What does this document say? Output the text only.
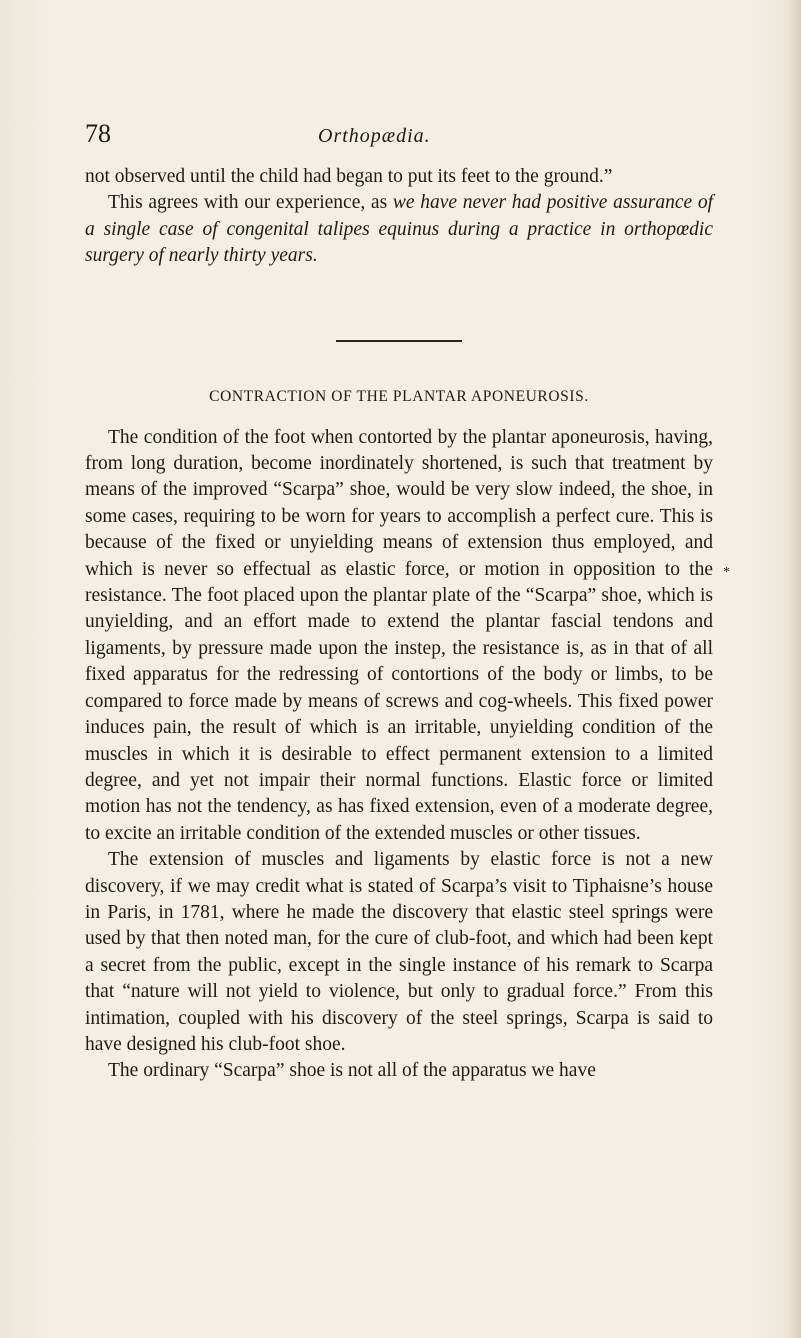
78	Orthopædia.

not observed until the child had began to put its feet to the ground.”

This agrees with our experience, as we have never had positive assurance of a single case of congenital talipes equinus during a practice in orthopœdic surgery of nearly thirty years.

CONTRACTION OF THE PLANTAR APONEUROSIS.

The condition of the foot when contorted by the plantar aponeurosis, having, from long duration, become inordinately shortened, is such that treatment by means of the improved “Scarpa” shoe, would be very slow indeed, the shoe, in some cases, requiring to be worn for years to accomplish a perfect cure. This is because of the fixed or unyielding means of extension thus employed, and which is never so effectual as elastic force, or motion in opposition to the resistance. The foot placed upon the plantar plate of the “Scarpa” shoe, which is unyielding, and an effort made to extend the plantar fascial tendons and ligaments, by pressure made upon the instep, the resistance is, as in that of all fixed apparatus for the redressing of contortions of the body or limbs, to be compared to force made by means of screws and cog-wheels. This fixed power induces pain, the result of which is an irritable, unyielding condition of the muscles in which it is desirable to effect permanent extension to a limited degree, and yet not impair their normal functions. Elastic force or limited motion has not the tendency, as has fixed extension, even of a moderate degree, to excite an irritable condition of the extended muscles or other tissues.

The extension of muscles and ligaments by elastic force is not a new discovery, if we may credit what is stated of Scarpa’s visit to Tiphaisne’s house in Paris, in 1781, where he made the discovery that elastic steel springs were used by that then noted man, for the cure of club-foot, and which had been kept a secret from the public, except in the single instance of his remark to Scarpa that “nature will not yield to violence, but only to gradual force.” From this intimation, coupled with his discovery of the steel springs, Scarpa is said to have designed his club-foot shoe.

The ordinary “Scarpa” shoe is not all of the apparatus we have

*
